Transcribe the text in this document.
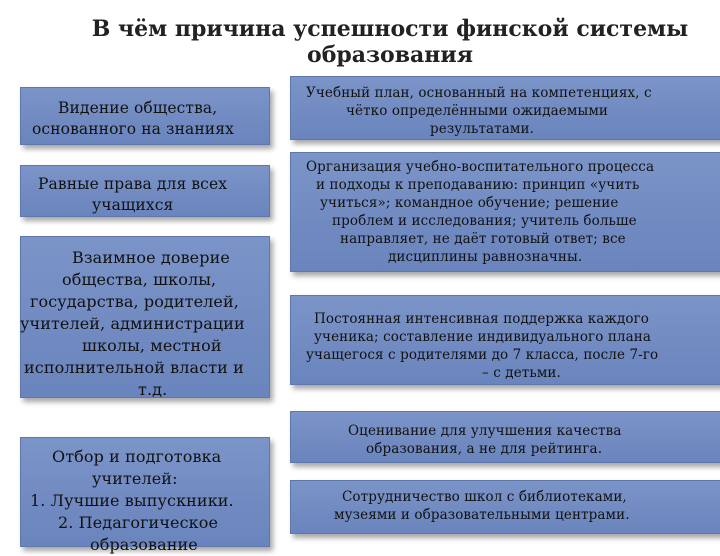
В чём причина успешности финской системы
образования
Видение общества,
основанного на знаниях
Равные права для всех
учащихся
Взаимное доверие
общества, школы,
государства, родителей,
учителей, администрации
школы, местной
исполнительной власти и
т.д.
Отбор и подготовка
учителей:
1. Лучшие выпускники.
2. Педагогическое
образование
Учебный план, основанный на компетенциях, с
чётко определёнными ожидаемыми
результатами.
Организация учебно-воспитательного процесса
и подходы к преподаванию: принцип «учить
учиться»; командное обучение; решение
проблем и исследования; учитель больше
направляет, не даёт готовый ответ; все
дисциплины равнозначны.
Постоянная интенсивная поддержка каждого
ученика; составление индивидуального плана
учащегося с родителями до 7 класса, после 7-го
– с детьми.
Оценивание для улучшения качества
образования, а не для рейтинга.
Сотрудничество школ с библиотеками,
музеями и образовательными центрами.
